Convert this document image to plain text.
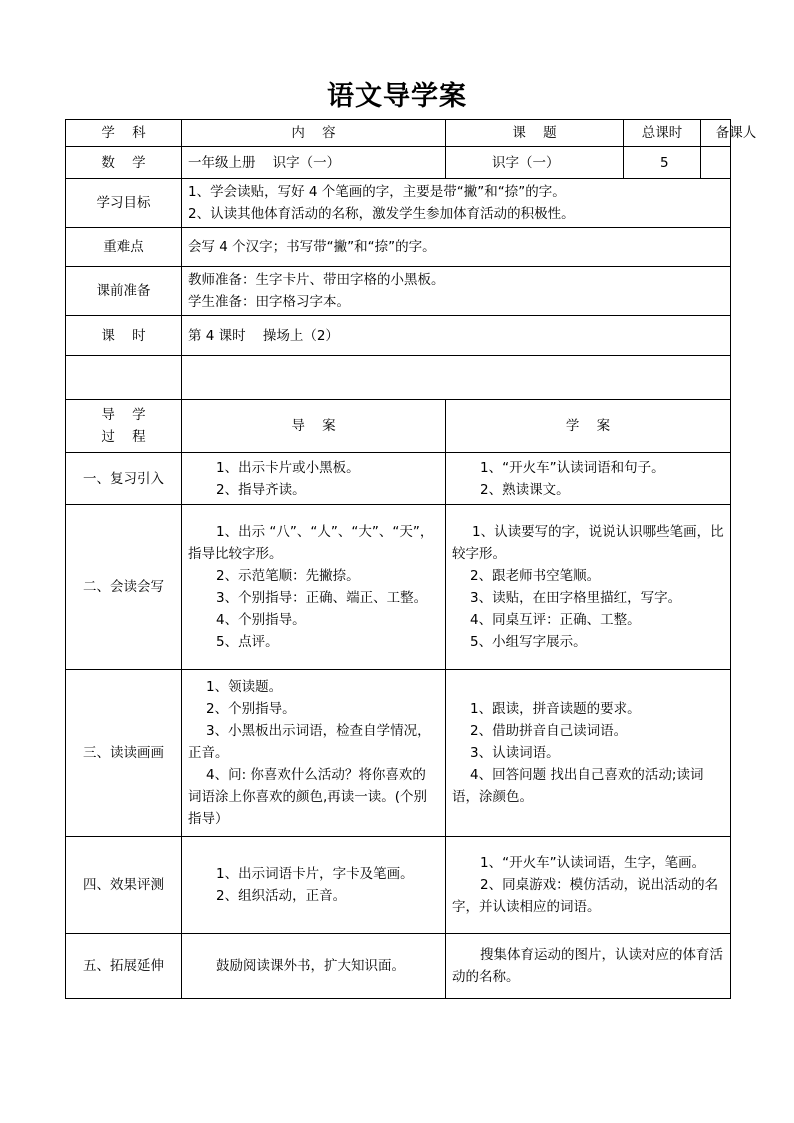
语文导学案
学    科	内    容	课    题	总课时	备课人
数    学	一年级上册    识字（一）	识字（一）	5	
学习目标	1、学会读贴，写好 4 个笔画的字，主要是带“撇”和“捺”的字。
2、认读其他体育活动的名称，激发学生参加体育活动的积极性。			

重难点	会写 4 个汉字；书写带“撇”和“捺”的字。			
课前准备	教师准备：生字卡片、带田字格的小黑板。
学生准备：田字格习字本。			

课    时	第 4 课时    操场上（2）			

导    学
过    程	导    案	学    案		
一、复习引入	1、出示卡片或小黑板。
2、指导齐读。	1、“开火车”认读词语和句子。
2、熟读课文。		

二、会读会写	1、出示 “八”、“人”、“大”、“天”，指导比较字形。
2、示范笔顺：先撇捺。
3、个别指导：正确、端正、工整。
4、个别指导。
5、点评。	1、认读要写的字，说说认识哪些笔画，比较字形。
2、跟老师书空笔顺。
3、读贴，在田字格里描红，写字。
4、同桌互评：正确、工整。
5、小组写字展示。		

三、读读画画	1、领读题。
2、个别指导。
3、小黑板出示词语，检查自学情况，正音。
4、问: 你喜欢什么活动？将你喜欢的词语涂上你喜欢的颜色,再读一读。(个别指导）	1、跟读，拼音读题的要求。
2、借助拼音自己读词语。
3、认读词语。
4、回答问题 找出自己喜欢的活动;读词语，涂颜色。		

四、效果评测	1、出示词语卡片，字卡及笔画。
2、组织活动，正音。	1、“开火车”认读词语，生字，笔画。
2、同桌游戏：模仿活动，说出活动的名字，并认读相应的词语。		

五、拓展延伸	鼓励阅读课外书，扩大知识面。	搜集体育运动的图片，认读对应的体育活动的名称。		
